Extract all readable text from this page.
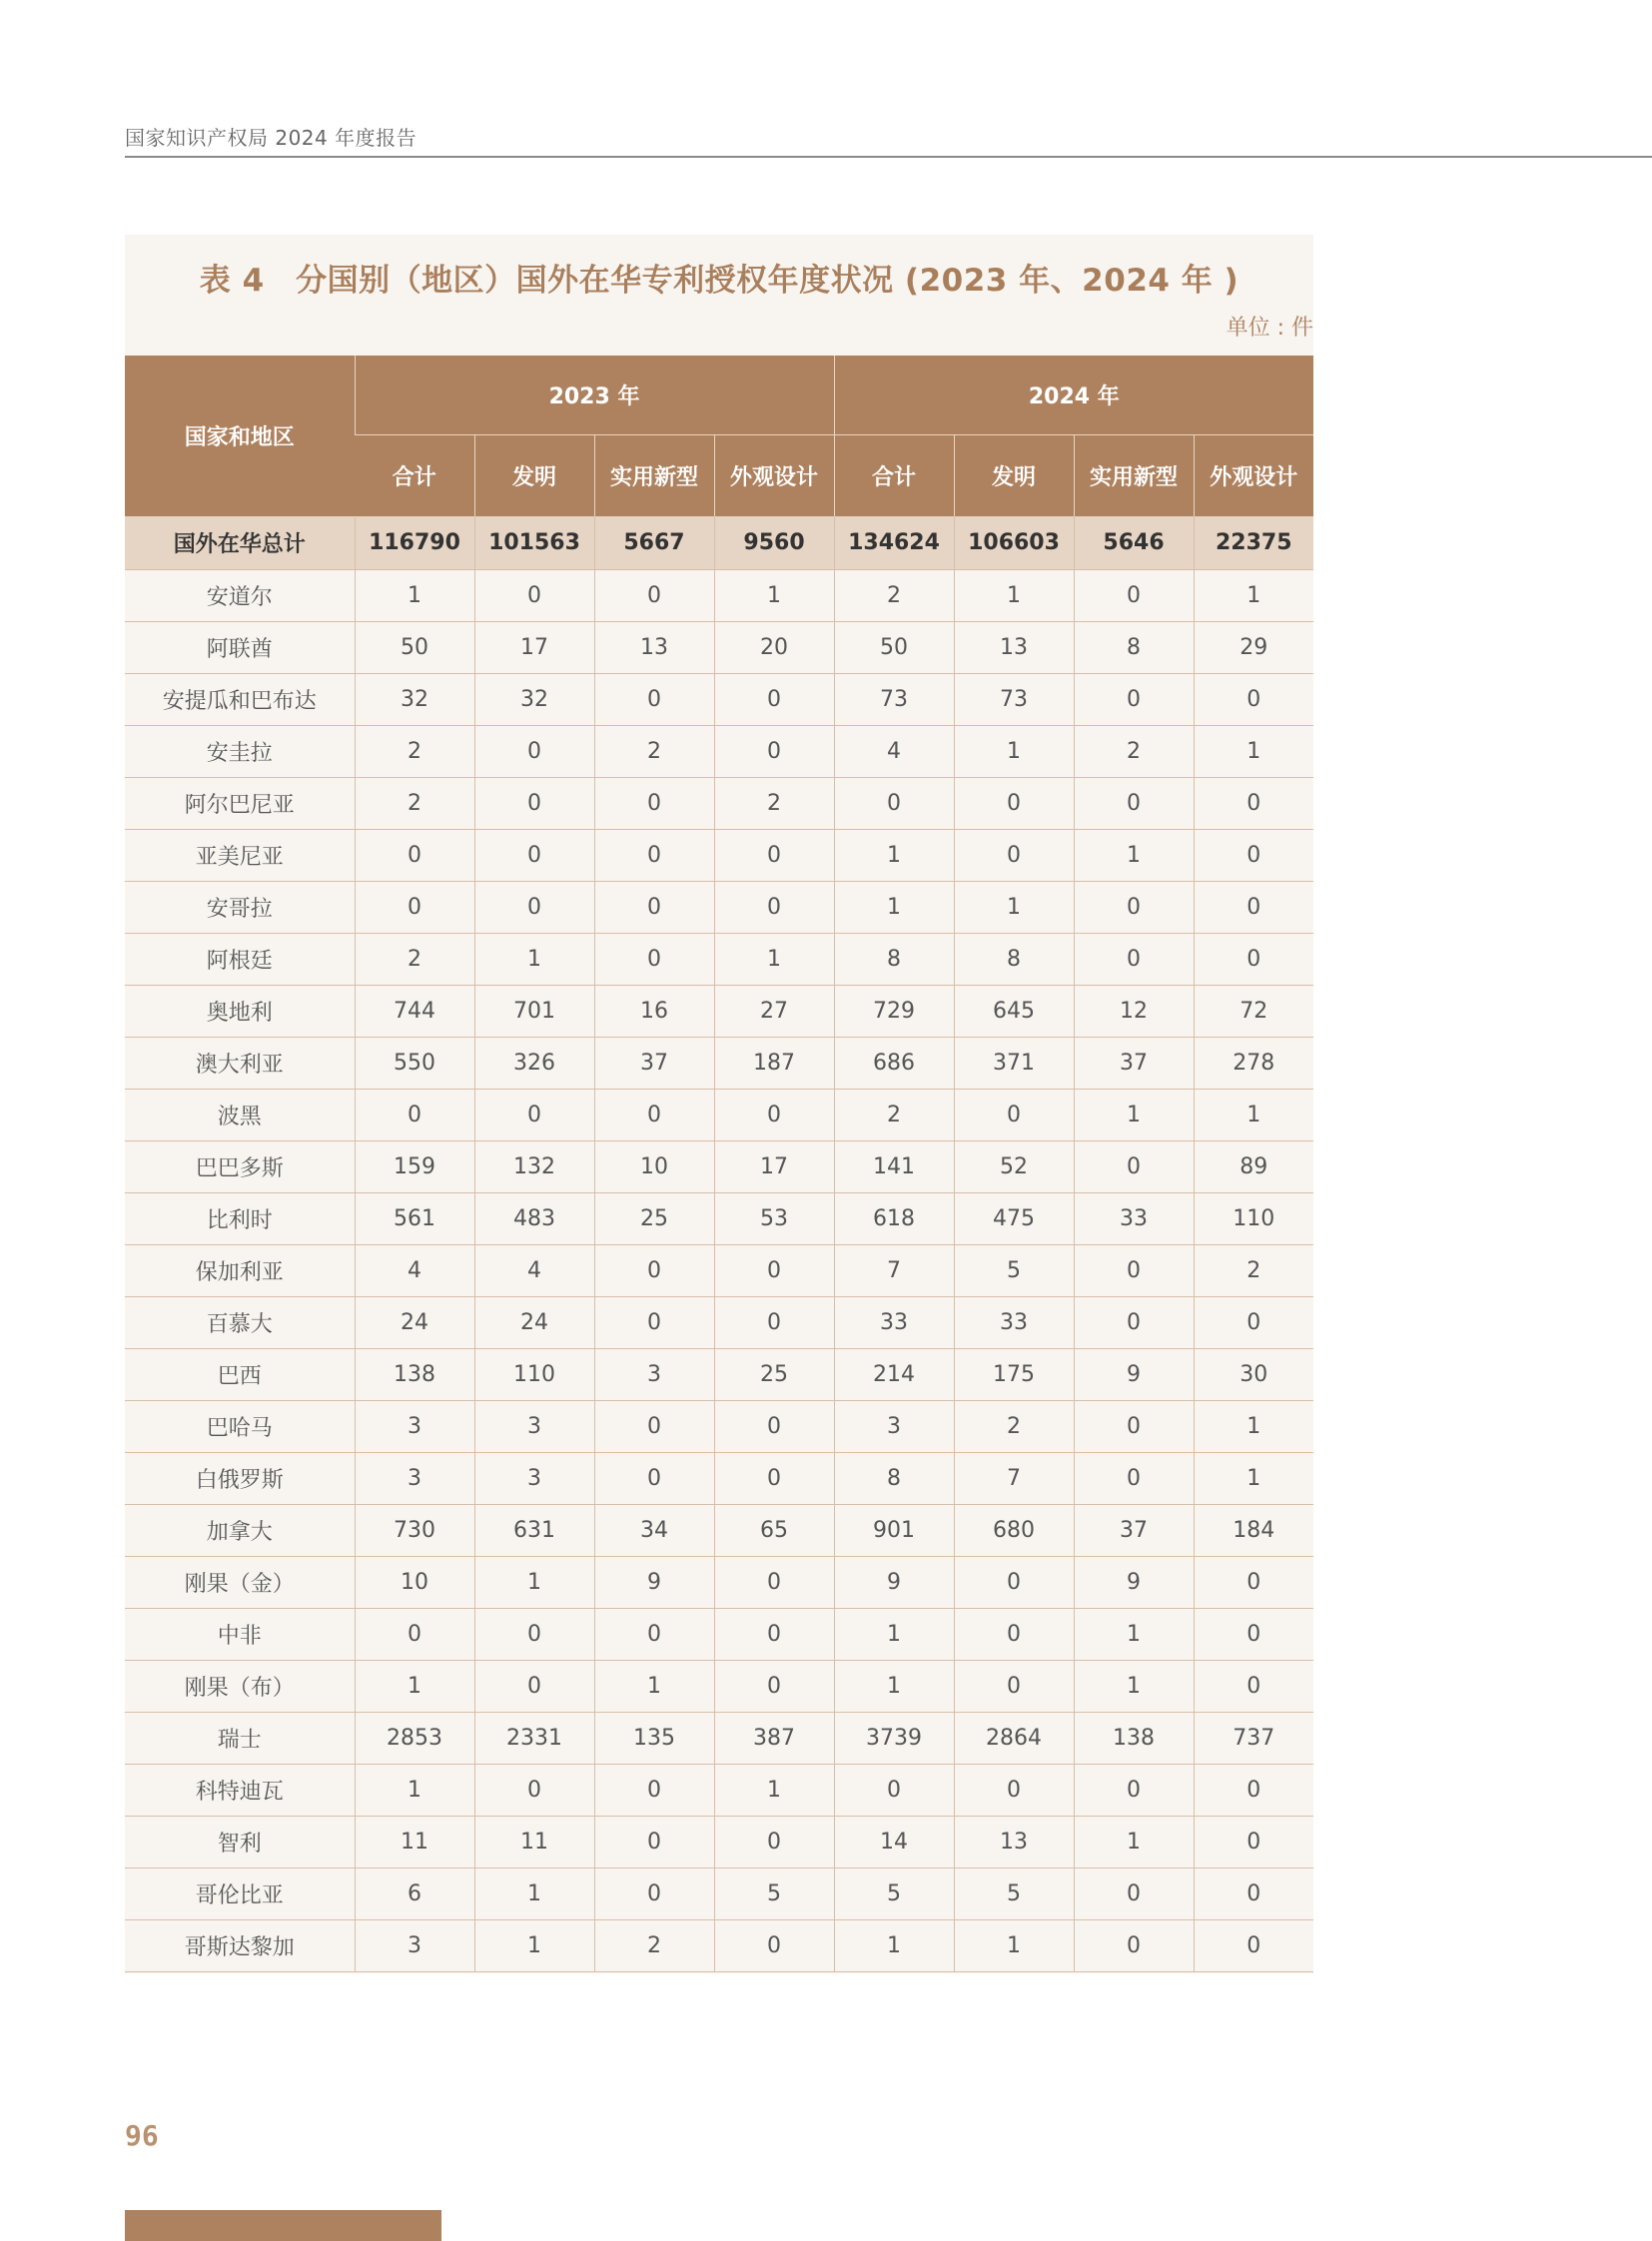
国家知识产权局 2024 年度报告
表 4　分国别（地区）国外在华专利授权年度状况 (2023 年、2024 年 )
单位 : 件
国家和地区	2023 年				2024 年			
	合计	发明	实用新型	外观设计	合计	发明	实用新型	外观设计
国外在华总计	116790	101563	5667	9560	134624	106603	5646	22375
安道尔	1	0	0	1	2	1	0	1
阿联酋	50	17	13	20	50	13	8	29
安提瓜和巴布达	32	32	0	0	73	73	0	0
安圭拉	2	0	2	0	4	1	2	1
阿尔巴尼亚	2	0	0	2	0	0	0	0
亚美尼亚	0	0	0	0	1	0	1	0
安哥拉	0	0	0	0	1	1	0	0
阿根廷	2	1	0	1	8	8	0	0
奥地利	744	701	16	27	729	645	12	72
澳大利亚	550	326	37	187	686	371	37	278
波黑	0	0	0	0	2	0	1	1
巴巴多斯	159	132	10	17	141	52	0	89
比利时	561	483	25	53	618	475	33	110
保加利亚	4	4	0	0	7	5	0	2
百慕大	24	24	0	0	33	33	0	0
巴西	138	110	3	25	214	175	9	30
巴哈马	3	3	0	0	3	2	0	1
白俄罗斯	3	3	0	0	8	7	0	1
加拿大	730	631	34	65	901	680	37	184
刚果（金）	10	1	9	0	9	0	9	0
中非	0	0	0	0	1	0	1	0
刚果（布）	1	0	1	0	1	0	1	0
瑞士	2853	2331	135	387	3739	2864	138	737
科特迪瓦	1	0	0	1	0	0	0	0
智利	11	11	0	0	14	13	1	0
哥伦比亚	6	1	0	5	5	5	0	0
哥斯达黎加	3	1	2	0	1	1	0	0
96
